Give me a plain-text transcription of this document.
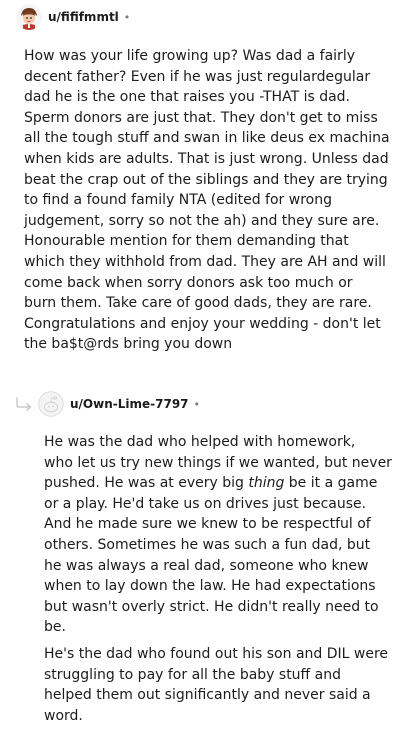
u/fififmmtl •
How was your life growing up? Was dad a fairly
decent father? Even if he was just regulardegular
dad he is the one that raises you -THAT is dad.
Sperm donors are just that. They don't get to miss
all the tough stuff and swan in like deus ex machina
when kids are adults. That is just wrong. Unless dad
beat the crap out of the siblings and they are trying
to find a found family NTA (edited for wrong
judgement, sorry so not the ah) and they sure are.
Honourable mention for them demanding that
which they withhold from dad. They are AH and will
come back when sorry donors ask too much or
burn them. Take care of good dads, they are rare.
Congratulations and enjoy your wedding - don't let
the ba$t@rds bring you down
u/Own-Lime-7797 •
He was the dad who helped with homework,
who let us try new things if we wanted, but never
pushed. He was at every big thing be it a game
or a play. He'd take us on drives just because.
And he made sure we knew to be respectful of
others. Sometimes he was such a fun dad, but
he was always a real dad, someone who knew
when to lay down the law. He had expectations
but wasn't overly strict. He didn't really need to
be.
He's the dad who found out his son and DIL were
struggling to pay for all the baby stuff and
helped them out significantly and never said a
word.
